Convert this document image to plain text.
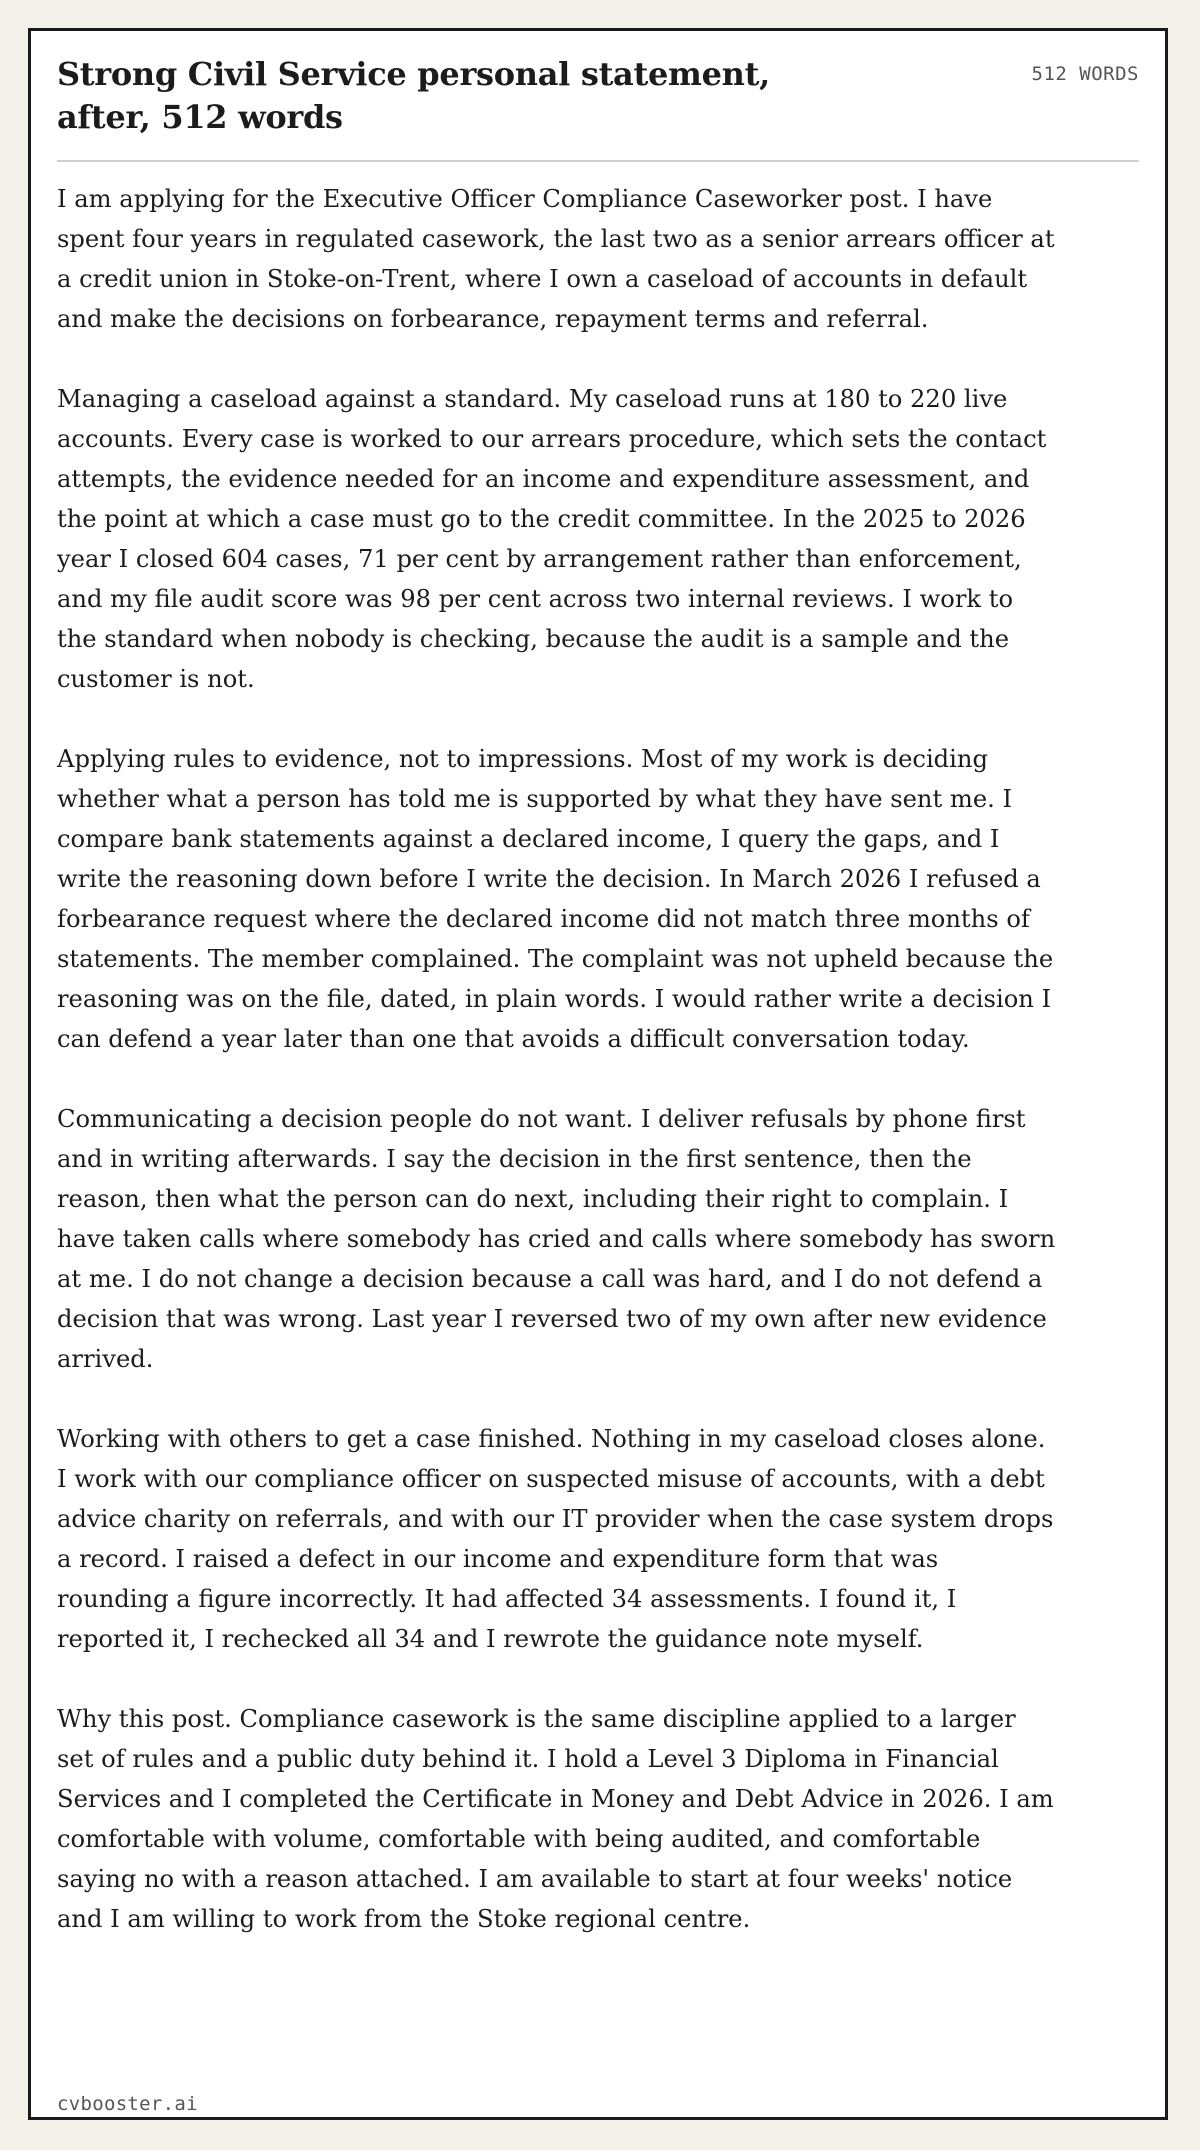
Strong Civil Service personal statement, after, 512 words
512 WORDS

I am applying for the Executive Officer Compliance Caseworker post. I have spent four years in regulated casework, the last two as a senior arrears officer at a credit union in Stoke-on-Trent, where I own a caseload of accounts in default and make the decisions on forbearance, repayment terms and referral.

Managing a caseload against a standard. My caseload runs at 180 to 220 live accounts. Every case is worked to our arrears procedure, which sets the contact attempts, the evidence needed for an income and expenditure assessment, and the point at which a case must go to the credit committee. In the 2025 to 2026 year I closed 604 cases, 71 per cent by arrangement rather than enforcement, and my file audit score was 98 per cent across two internal reviews. I work to the standard when nobody is checking, because the audit is a sample and the customer is not.

Applying rules to evidence, not to impressions. Most of my work is deciding whether what a person has told me is supported by what they have sent me. I compare bank statements against a declared income, I query the gaps, and I write the reasoning down before I write the decision. In March 2026 I refused a forbearance request where the declared income did not match three months of statements. The member complained. The complaint was not upheld because the reasoning was on the file, dated, in plain words. I would rather write a decision I can defend a year later than one that avoids a difficult conversation today.

Communicating a decision people do not want. I deliver refusals by phone first and in writing afterwards. I say the decision in the first sentence, then the reason, then what the person can do next, including their right to complain. I have taken calls where somebody has cried and calls where somebody has sworn at me. I do not change a decision because a call was hard, and I do not defend a decision that was wrong. Last year I reversed two of my own after new evidence arrived.

Working with others to get a case finished. Nothing in my caseload closes alone. I work with our compliance officer on suspected misuse of accounts, with a debt advice charity on referrals, and with our IT provider when the case system drops a record. I raised a defect in our income and expenditure form that was rounding a figure incorrectly. It had affected 34 assessments. I found it, I reported it, I rechecked all 34 and I rewrote the guidance note myself.

Why this post. Compliance casework is the same discipline applied to a larger set of rules and a public duty behind it. I hold a Level 3 Diploma in Financial Services and I completed the Certificate in Money and Debt Advice in 2026. I am comfortable with volume, comfortable with being audited, and comfortable saying no with a reason attached. I am available to start at four weeks' notice and I am willing to work from the Stoke regional centre.

cvbooster.ai
